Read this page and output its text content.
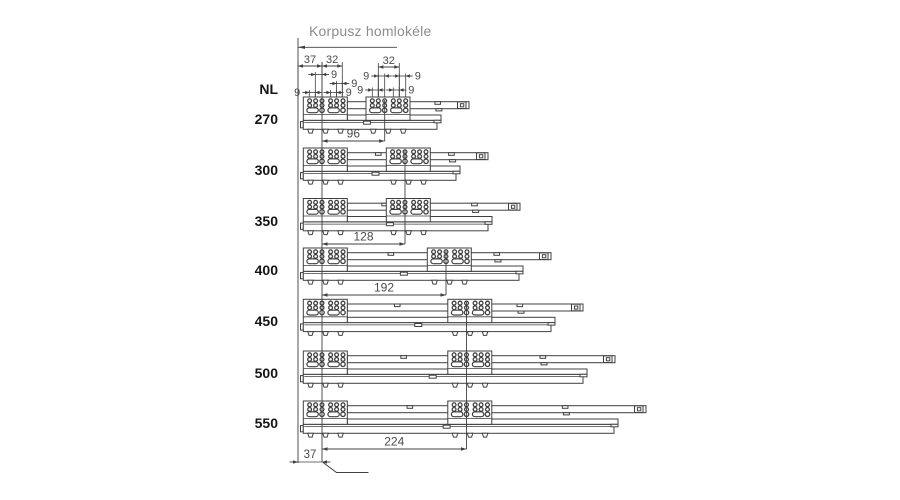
Korpusz homlokéle
NL
270
300
350
400
450
500
550
96
128
192
224
37 32
9
9
9	9
32
9	9
9	9
37
